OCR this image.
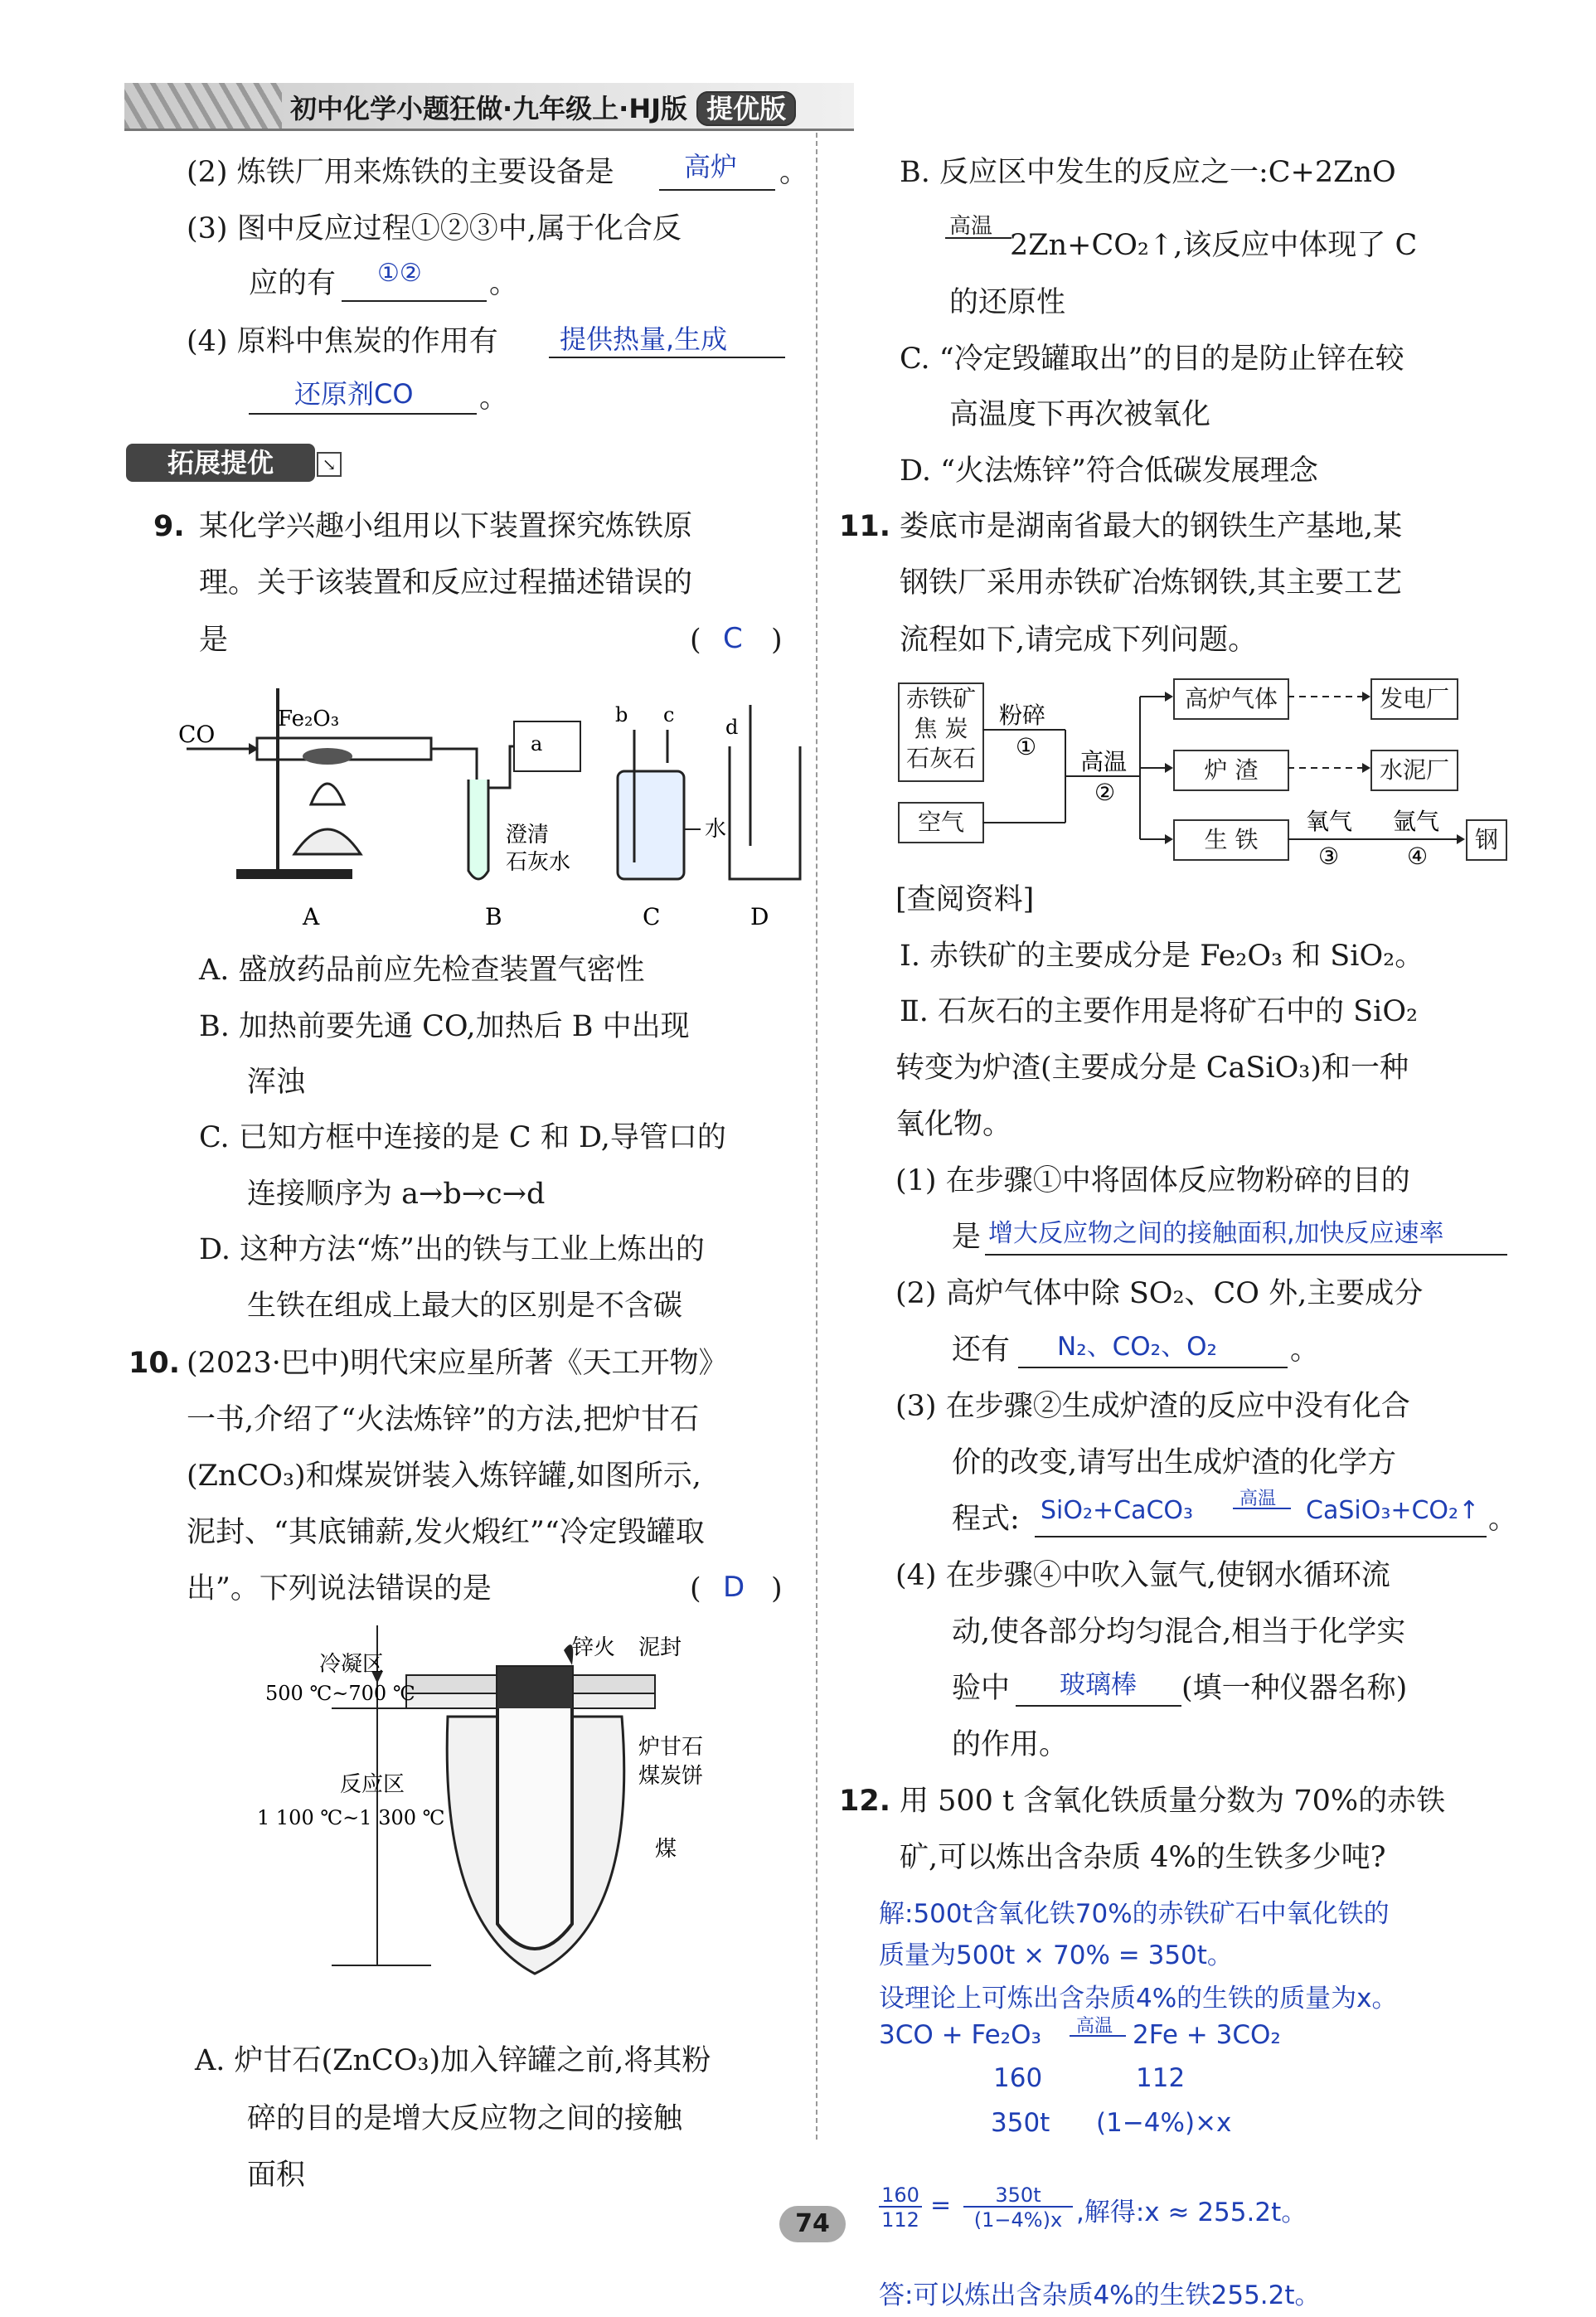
初中化学小题狂做·九年级上·HJ版 提优版
(2) 炼铁厂用来炼铁的主要设备是	高炉 。
(3) 图中反应过程①②③中,属于化合反
应的有 ①② 。
(4) 原料中焦炭的作用有 提供热量,生成
还原剂CO 。
拓展提优	↘
9. 某化学兴趣小组用以下装置探究炼铁原
理。关于该装置和反应过程描述错误的
是	( C )
CO
Fe₂O₃
a
b c
d
澄清
石灰水
水
A	B	C	D
A. 盛放药品前应先检查装置气密性
B. 加热前要先通 CO,加热后 B 中出现
浑浊
C. 已知方框中连接的是 C 和 D,导管口的
连接顺序为 a→b→c→d
D. 这种方法“炼”出的铁与工业上炼出的
生铁在组成上最大的区别是不含碳
10. (2023·巴中)明代宋应星所著《天工开物》
一书,介绍了“火法炼锌”的方法,把炉甘石
(ZnCO₃)和煤炭饼装入炼锌罐,如图所示,
泥封、“其底铺薪,发火煅红”“冷定毁罐取
出”。下列说法错误的是	( D )
锌火 泥封
冷凝区
500 ℃~700 ℃
反应区
1 100 ℃~1 300 ℃
炉甘石
煤炭饼
煤
A. 炉甘石(ZnCO₃)加入锌罐之前,将其粉
碎的目的是增大反应物之间的接触
面积
B. 反应区中发生的反应之一:C+2ZnO
高温
2Zn+CO₂↑,该反应中体现了 C
的还原性
C. “冷定毁罐取出”的目的是防止锌在较
高温度下再次被氧化
D. “火法炼锌”符合低碳发展理念
11. 娄底市是湖南省最大的钢铁生产基地,某
钢铁厂采用赤铁矿冶炼钢铁,其主要工艺
流程如下,请完成下列问题。
赤铁矿
焦 炭
石灰石
空气
高炉气体
炉 渣
生 铁
发电厂
水泥厂
钢
粉碎
①
高温
②
氧气
③
氩气
④
[查阅资料]
Ⅰ. 赤铁矿的主要成分是 Fe₂O₃ 和 SiO₂。
Ⅱ. 石灰石的主要作用是将矿石中的 SiO₂
转变为炉渣(主要成分是 CaSiO₃)和一种
氧化物。
(1) 在步骤①中将固体反应物粉碎的目的
是 增大反应物之间的接触面积,加快反应速率
(2) 高炉气体中除 SO₂、CO 外,主要成分
还有 N₂、CO₂、O₂	。
(3) 在步骤②生成炉渣的反应中没有化合
价的改变,请写出生成炉渣的化学方
程式: SiO₂+CaCO₃	高温 CaSiO₃+CO₂↑ 。
(4) 在步骤④中吹入氩气,使钢水循环流
动,使各部分均匀混合,相当于化学实
验中 玻璃棒 (填一种仪器名称)
的作用。
12. 用 500 t 含氧化铁质量分数为 70%的赤铁
矿,可以炼出含杂质 4%的生铁多少吨?
解:500t含氧化铁70%的赤铁矿石中氧化铁的
质量为500t × 70% = 350t。
设理论上可炼出含杂质4%的生铁的质量为x。
3CO + Fe₂O₃ 高温 2Fe + 3CO₂
160	112
350t (1−4%)×x
160
112 =	350t
(1−4%)x ,解得:x ≈ 255.2t。
答:可以炼出含杂质4%的生铁255.2t。
74
